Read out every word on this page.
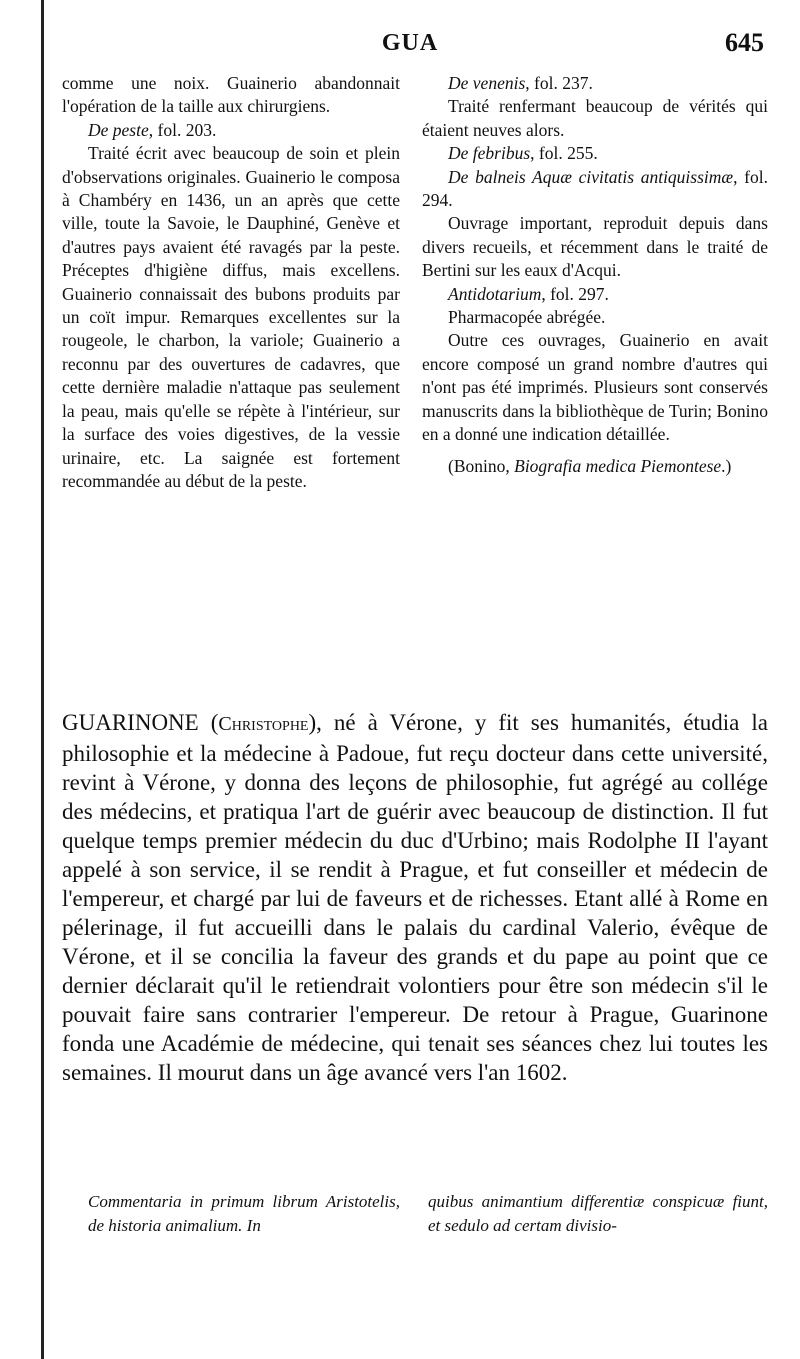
GUA	645

comme une noix. Guainerio abandonnait l'opération de la taille aux chirurgiens.

De peste, fol. 203.

Traité écrit avec beaucoup de soin et plein d'observations originales. Guainerio le composa à Chambéry en 1436, un an après que cette ville, toute la Savoie, le Dauphiné, Genève et d'autres pays avaient été ravagés par la peste. Préceptes d'higiène diffus, mais excellens. Guainerio connaissait des bubons produits par un coït impur. Remarques excellentes sur la rougeole, le charbon, la variole; Guainerio a reconnu par des ouvertures de cadavres, que cette dernière maladie n'attaque pas seulement la peau, mais qu'elle se répète à l'intérieur, sur la surface des voies digestives, de la vessie urinaire, etc. La saignée est fortement recommandée au début de la peste.

De venenis, fol. 237.

Traité renfermant beaucoup de vérités qui étaient neuves alors.

De febribus, fol. 255.

De balneis Aquæ civitatis antiquissimæ, fol. 294.

Ouvrage important, reproduit depuis dans divers recueils, et récemment dans le traité de Bertini sur les eaux d'Acqui.

Antidotarium, fol. 297.

Pharmacopée abrégée.

Outre ces ouvrages, Guainerio en avait encore composé un grand nombre d'autres qui n'ont pas été imprimés. Plusieurs sont conservés manuscrits dans la bibliothèque de Turin; Bonino en a donné une indication détaillée.

(Bonino, Biografia medica Piemontese.)

GUARINONE (Christophe), né à Vérone, y fit ses humanités, étudia la philosophie et la médecine à Padoue, fut reçu docteur dans cette université, revint à Vérone, y donna des leçons de philosophie, fut agrégé au collége des médecins, et pratiqua l'art de guérir avec beaucoup de distinction. Il fut quelque temps premier médecin du duc d'Urbino; mais Rodolphe II l'ayant appelé à son service, il se rendit à Prague, et fut conseiller et médecin de l'empereur, et chargé par lui de faveurs et de richesses. Etant allé à Rome en pélerinage, il fut accueilli dans le palais du cardinal Valerio, évêque de Vérone, et il se concilia la faveur des grands et du pape au point que ce dernier déclarait qu'il le retiendrait volontiers pour être son médecin s'il le pouvait faire sans contrarier l'empereur. De retour à Prague, Guarinone fonda une Académie de médecine, qui tenait ses séances chez lui toutes les semaines. Il mourut dans un âge avancé vers l'an 1602.

Commentaria in primum librum Aristotelis, de historia animalium. In

quibus animantium differentiæ conspicuæ fiunt, et sedulo ad certam divisio-
